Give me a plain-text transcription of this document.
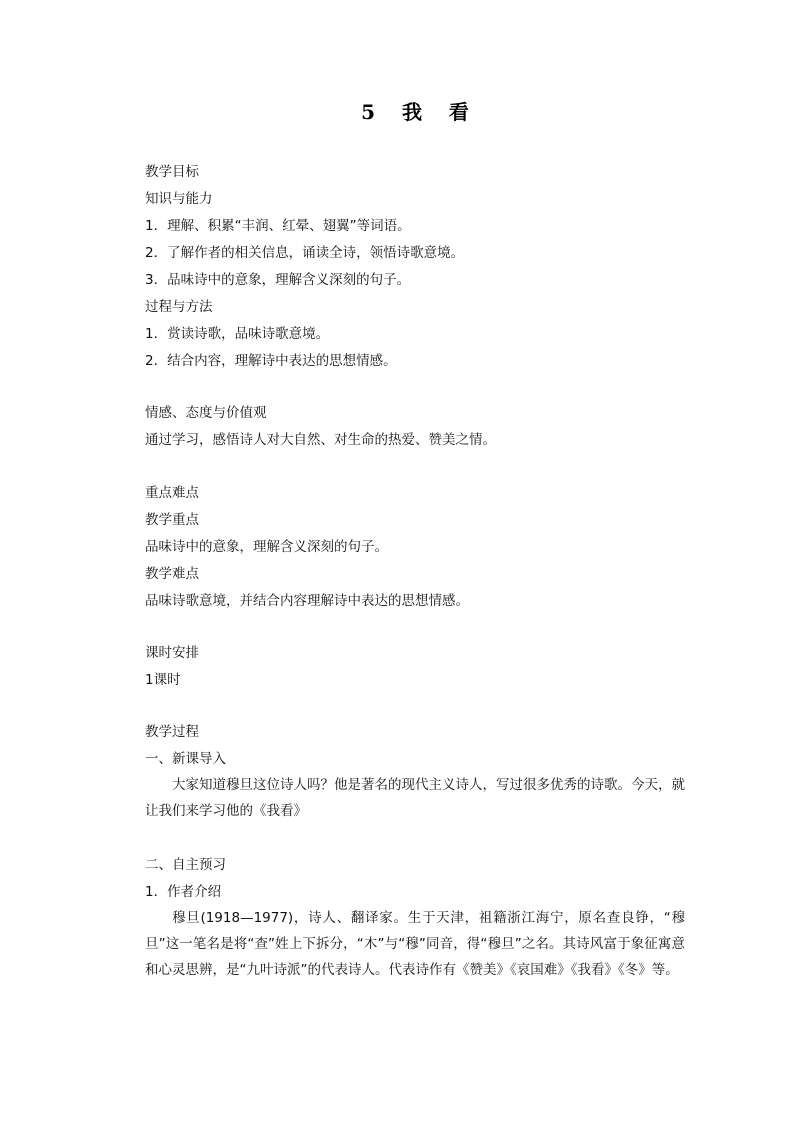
5 我 看
教学目标
知识与能力
1．理解、积累“丰润、红晕、翅翼”等词语。
2．了解作者的相关信息，诵读全诗，领悟诗歌意境。
3．品味诗中的意象，理解含义深刻的句子。
过程与方法
1．赏读诗歌，品味诗歌意境。
2．结合内容，理解诗中表达的思想情感。
情感、态度与价值观
通过学习，感悟诗人对大自然、对生命的热爱、赞美之情。
重点难点
教学重点
品味诗中的意象，理解含义深刻的句子。
教学难点
品味诗歌意境，并结合内容理解诗中表达的思想情感。
课时安排
1课时
教学过程
一、新课导入
大家知道穆旦这位诗人吗？他是著名的现代主义诗人，写过很多优秀的诗歌。今天，就让我们来学习他的《我看》
二、自主预习
1．作者介绍
穆旦(1918—1977)，诗人、翻译家。生于天津，祖籍浙江海宁，原名查良铮，“穆旦”这一笔名是将“查”姓上下拆分，“木”与“穆”同音，得“穆旦”之名。其诗风富于象征寓意和心灵思辨，是“九叶诗派”的代表诗人。代表诗作有《赞美》《哀国难》《我看》《冬》等。
